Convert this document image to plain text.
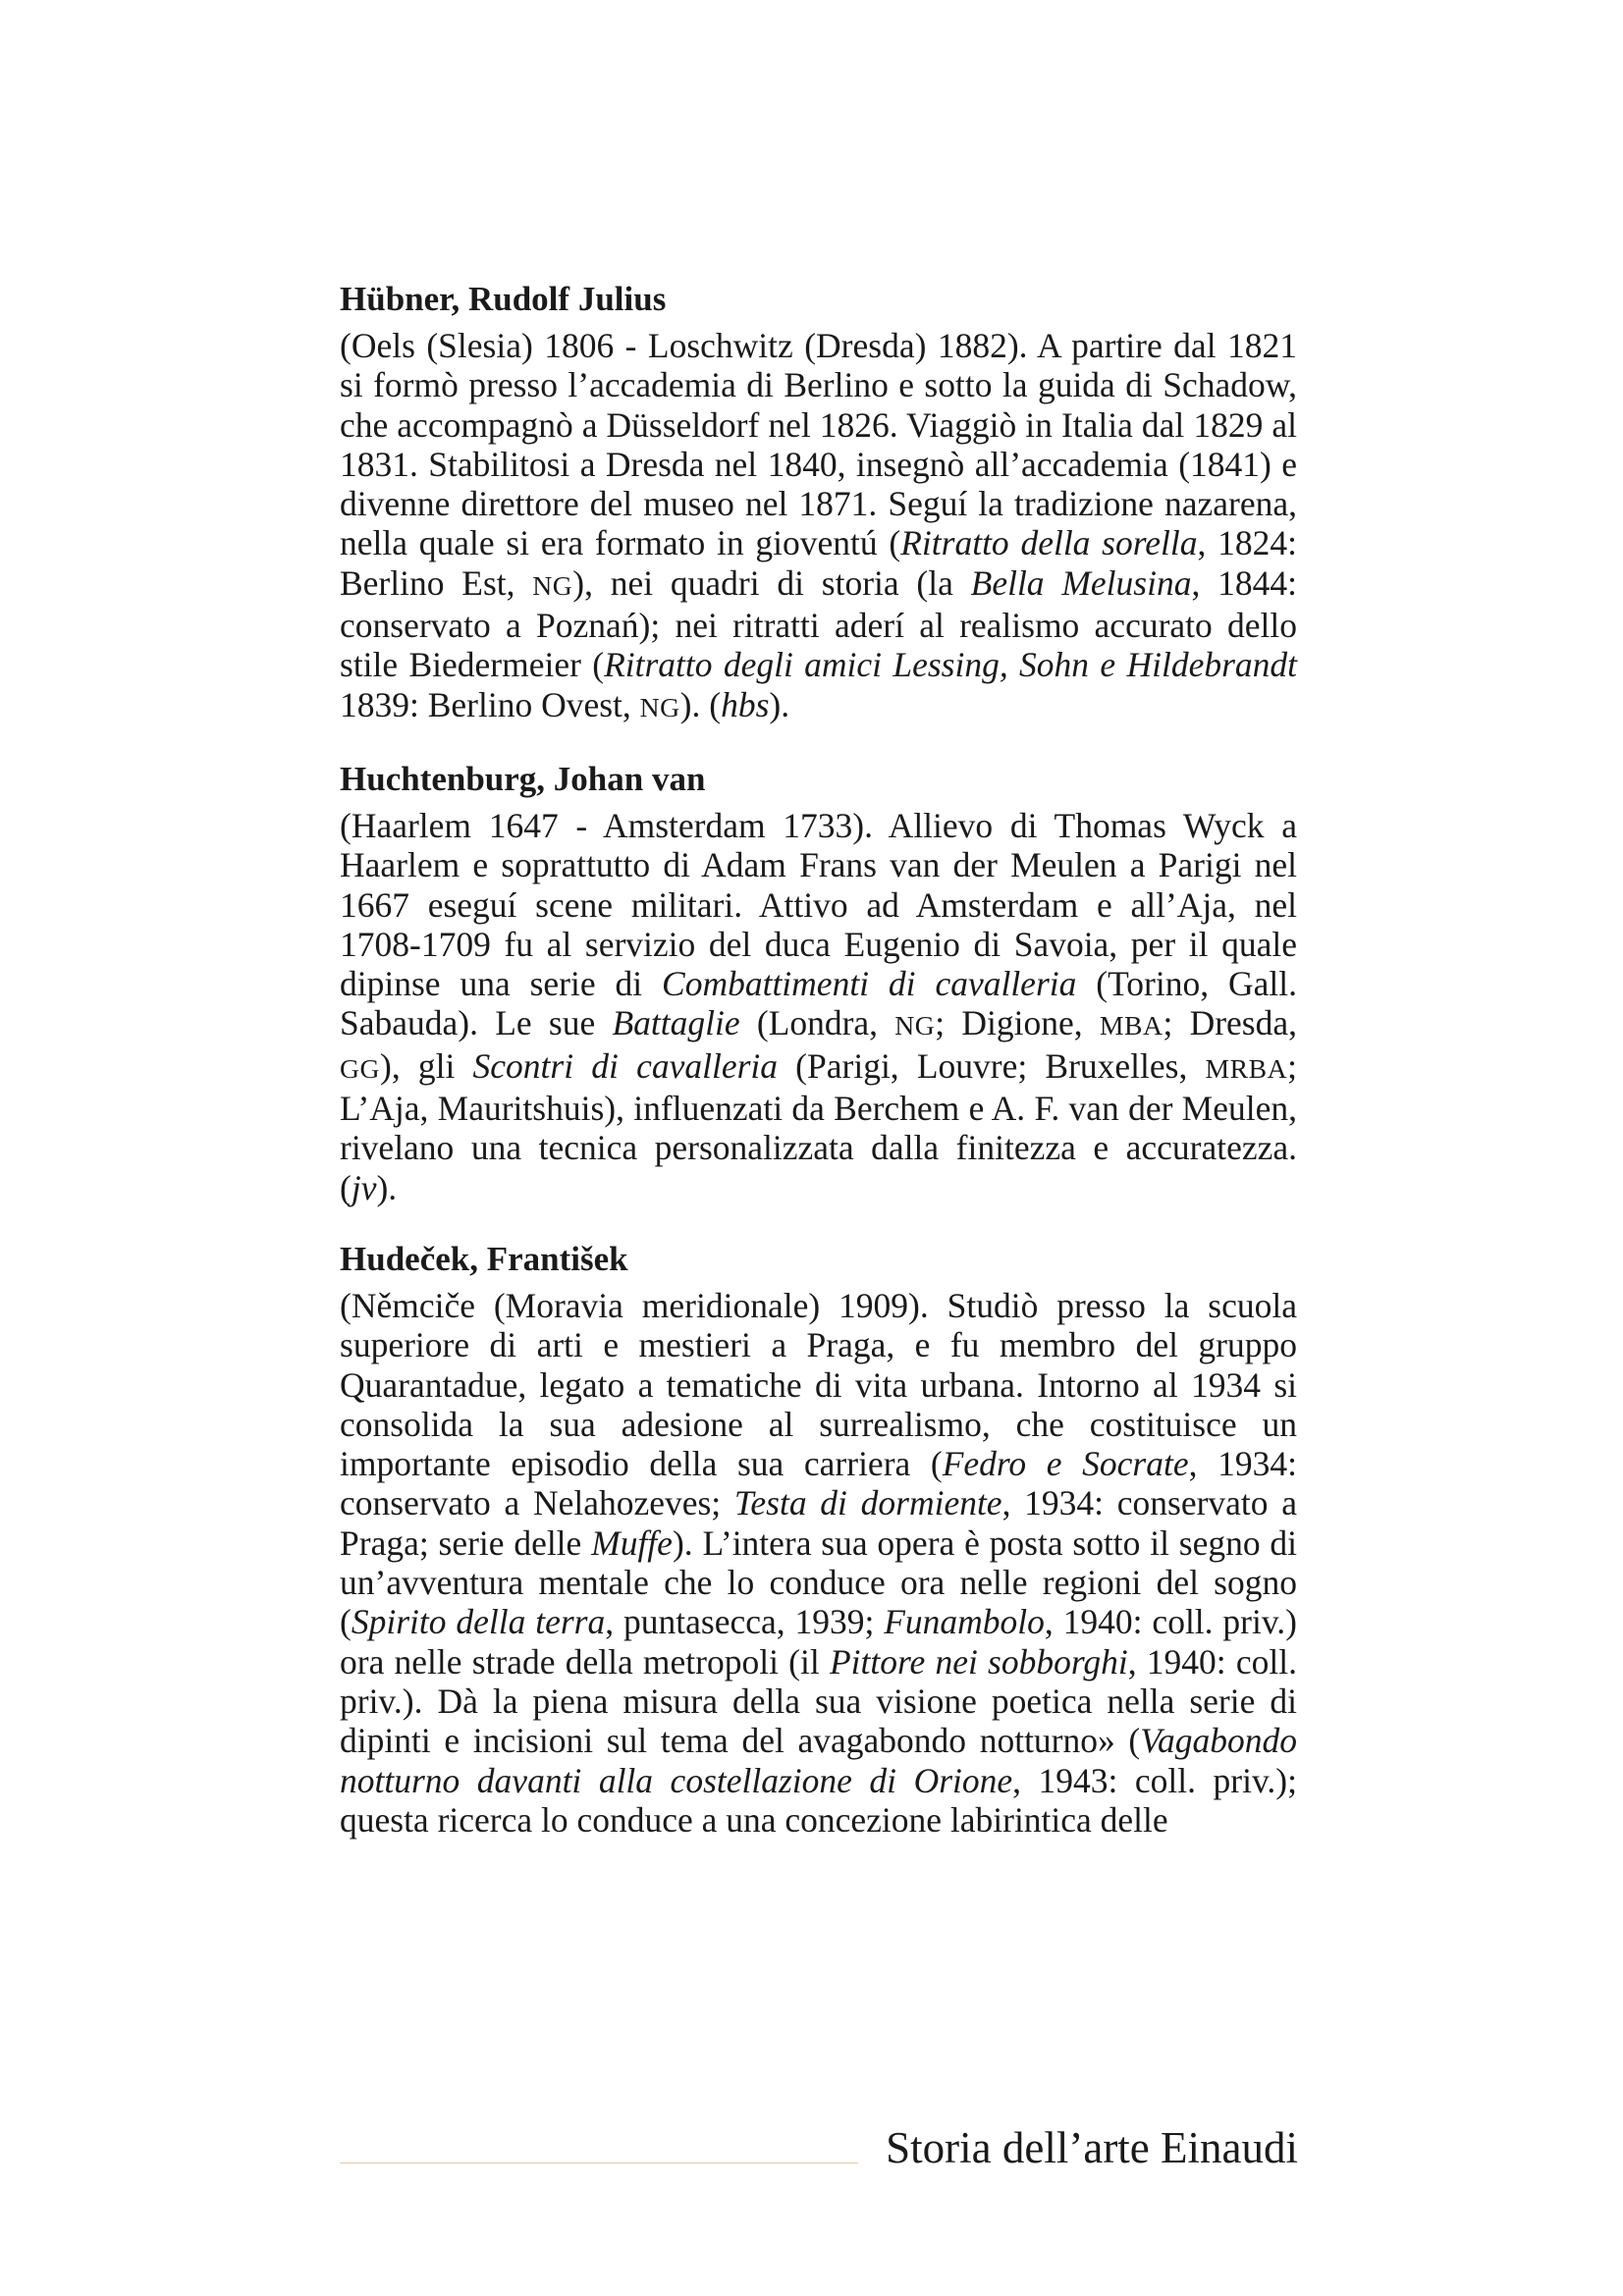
Hübner, Rudolf Julius

(Oels (Slesia) 1806 - Loschwitz (Dresda) 1882). A partire dal 1821 si formò presso l’accademia di Berlino e sotto la guida di Schadow, che accompagnò a Düsseldorf nel 1826. Viaggiò in Italia dal 1829 al 1831. Stabilitosi a Dresda nel 1840, insegnò all’accademia (1841) e divenne direttore del museo nel 1871. Seguí la tradizione nazarena, nella quale si era formato in gioventú (Ritratto della sorella, 1824: Berlino Est, NG), nei quadri di storia (la Bella Melusina, 1844: conservato a Poznań); nei ritratti aderí al realismo accurato dello stile Biedermeier (Ritratto degli amici Lessing, Sohn e Hildebrandt 1839: Berlino Ovest, NG). (hbs).

Huchtenburg, Johan van

(Haarlem 1647 - Amsterdam 1733). Allievo di Thomas Wyck a Haarlem e soprattutto di Adam Frans van der Meulen a Parigi nel 1667 eseguí scene militari. Attivo ad Amsterdam e all’Aja, nel 1708-1709 fu al servizio del duca Eugenio di Savoia, per il quale dipinse una serie di Combattimenti di cavalleria (Torino, Gall. Sabauda). Le sue Battaglie (Londra, NG; Digione, MBA; Dresda, GG), gli Scontri di cavalleria (Parigi, Louvre; Bruxelles, MRBA; L’Aja, Mauritshuis), influenzati da Berchem e A. F. van der Meulen, rivelano una tecnica personalizzata dalla finitezza e accuratezza. (jv).

Hudeček, František

(Němciče (Moravia meridionale) 1909). Studiò presso la scuola superiore di arti e mestieri a Praga, e fu membro del gruppo Quarantadue, legato a tematiche di vita urbana. Intorno al 1934 si consolida la sua adesione al surrealismo, che costituisce un importante episodio della sua carriera (Fedro e Socrate, 1934: conservato a Nelahozeves; Testa di dormiente, 1934: conservato a Praga; serie delle Muffe). L’intera sua opera è posta sotto il segno di un’avventura mentale che lo conduce ora nelle regioni del sogno (Spirito della terra, puntasecca, 1939; Funambolo, 1940: coll. priv.) ora nelle strade della metropoli (il Pittore nei sobborghi, 1940: coll. priv.). Dà la piena misura della sua visione poetica nella serie di dipinti e incisioni sul tema del avagabondo notturno» (Vagabondo notturno davanti alla costellazione di Orione, 1943: coll. priv.); questa ricerca lo conduce a una concezione labirintica delle

Storia dell’arte Einaudi
